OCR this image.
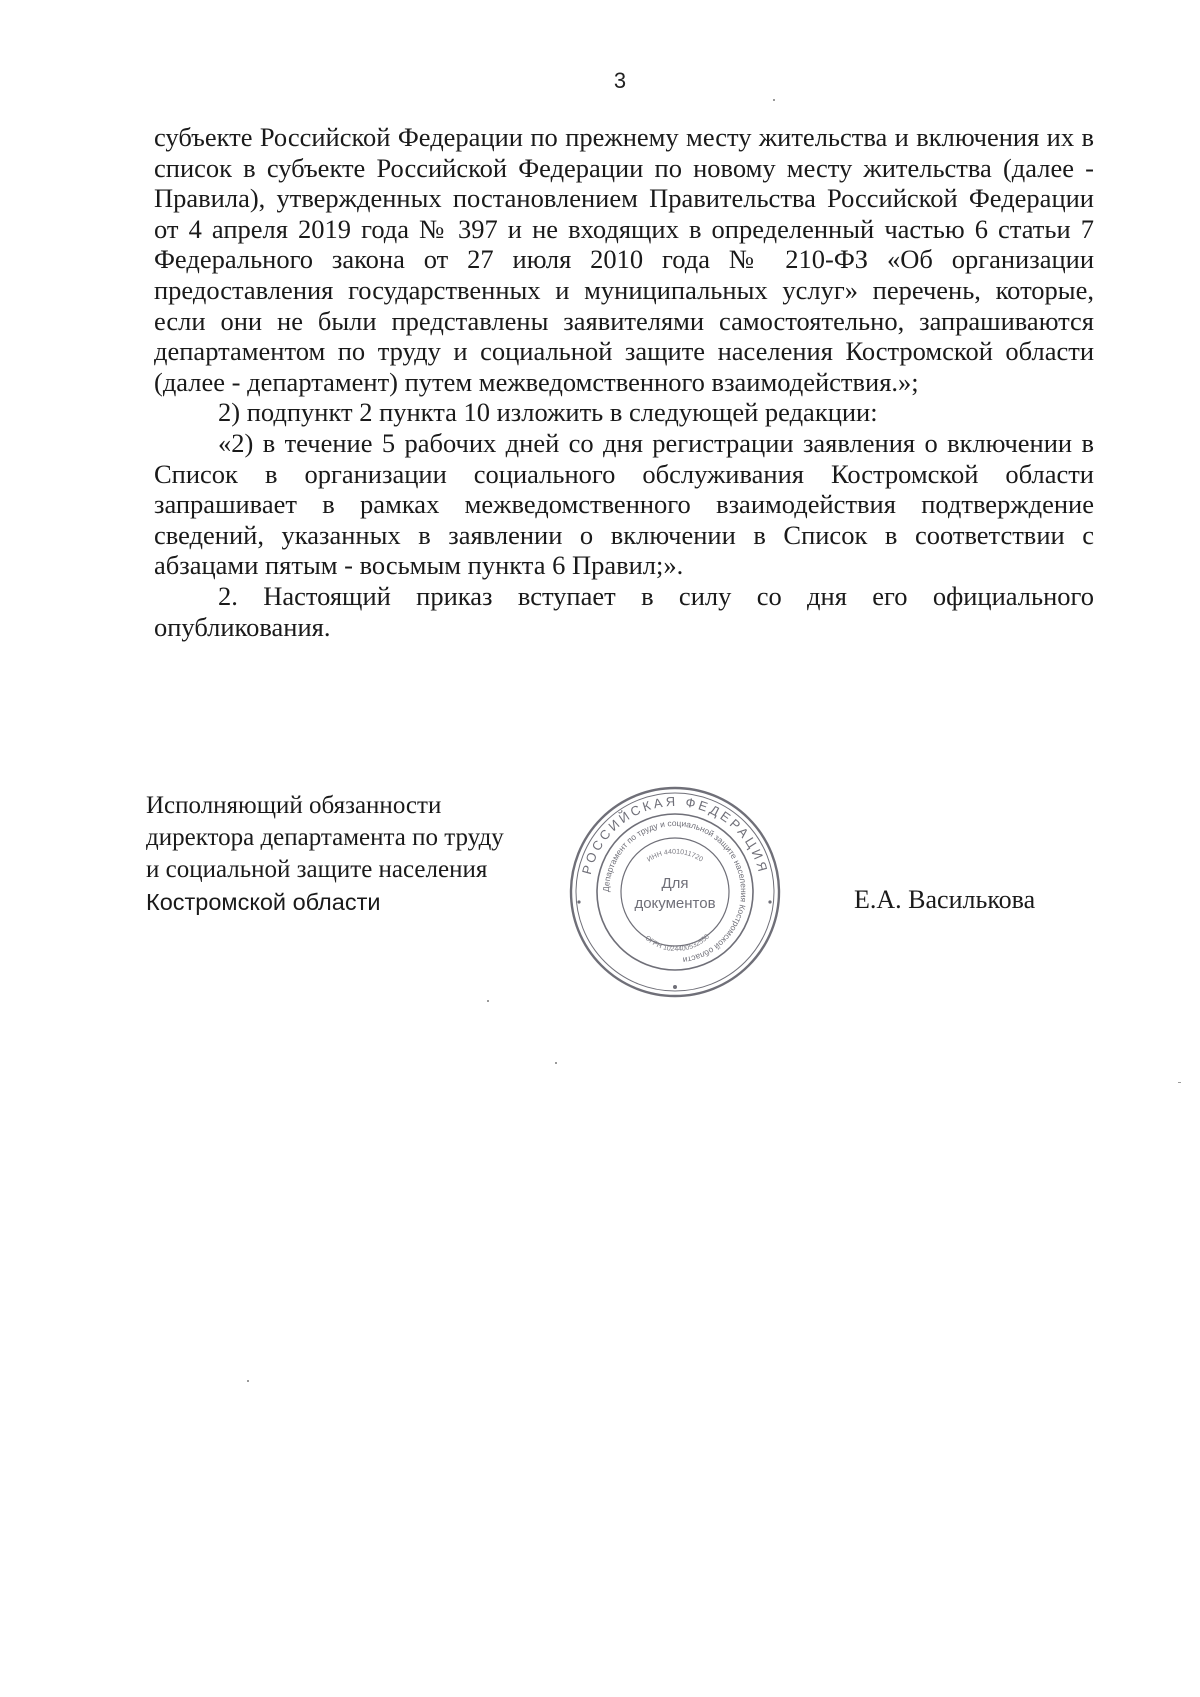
3

субъекте Российской Федерации по прежнему месту жительства и включения их в список в субъекте Российской Федерации по новому месту жительства (далее - Правила), утвержденных постановлением Правительства Российской Федерации от 4 апреля 2019 года № 397 и не входящих в определенный частью 6 статьи 7 Федерального закона от 27 июля 2010 года № 210-ФЗ «Об организации предоставления государственных и муниципальных услуг» перечень, которые, если они не были представлены заявителями самостоятельно, запрашиваются департаментом по труду и социальной защите населения Костромской области (далее - департамент) путем межведомственного взаимодействия.»;

2) подпункт 2 пункта 10 изложить в следующей редакции:

«2) в течение 5 рабочих дней со дня регистрации заявления о включении в Список в организации социального обслуживания Костромской области запрашивает в рамках межведомственного взаимодействия подтверждение сведений, указанных в заявлении о включении в Список в соответствии с абзацами пятым - восьмым пункта 6 Правил;».

2. Настоящий приказ вступает в силу со дня его официального опубликования.

Исполняющий обязанности
директора департамента по труду
и социальной защите населения
Костромской области
РОССИЙСКАЯ ФЕДЕРАЦИЯ
Департамент по труду и социальной защите населения Костромской области
ИНН 4401011720
ОГРН 1024400532550
Для
документов	Е.А. Василькова
